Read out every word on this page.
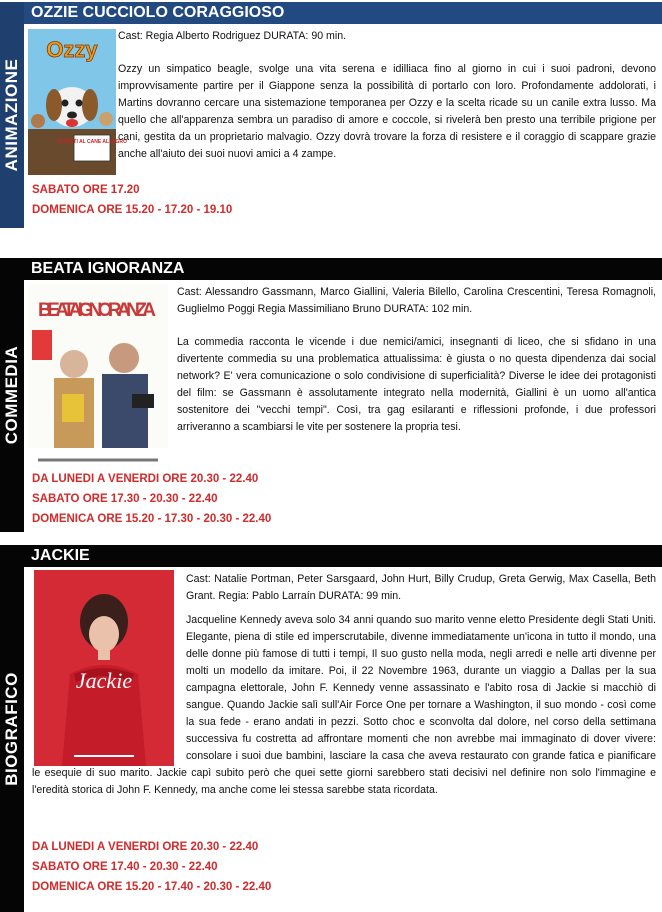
ANIMAZIONE
OZZIE CUCCIOLO CORAGGIOSO
Ozzy
ATTENTI AL CANE ALLEGRO

Cast: Regia Alberto Rodriguez DURATA: 90 min.

Ozzy un simpatico beagle, svolge una vita serena e idilliaca fino al giorno in cui i suoi padroni, devono improvvisamente partire per il Giappone senza la possibilità di portarlo con loro. Profondamente addolorati, i Martins dovranno cercare una sistemazione temporanea per Ozzy e la scelta ricade su un canile extra lusso. Ma quello che all'apparenza sembra un paradiso di amore e coccole, si rivelerà ben presto una terribile prigione per cani, gestita da un proprietario malvagio. Ozzy dovrà trovare la forza di resistere e il coraggio di scappare grazie anche all'aiuto dei suoi nuovi amici a 4 zampe.

SABATO ORE 17.20
DOMENICA ORE 15.20 - 17.20 - 19.10
COMMEDIA
BEATA IGNORANZA
BEATA IGNORANZA

Cast: Alessandro Gassmann, Marco Giallini, Valeria Bilello, Carolina Crescentini, Teresa Romagnoli, Guglielmo Poggi Regia Massimiliano Bruno DURATA: 102 min.

La commedia racconta le vicende i due nemici/amici, insegnanti di liceo, che si sfidano in una divertente commedia su una problematica attualissima: è giusta o no questa dipendenza dai social network? E' vera comunicazione o solo condivisione di superficialità? Diverse le idee dei protagonisti del film: se Gassmann è assolutamente integrato nella modernità, Giallini è un uomo all'antica sostenitore dei "vecchi tempi". Così, tra gag esilaranti e riflessioni profonde, i due professori arriveranno a scambiarsi le vite per sostenere la propria tesi.

DA LUNEDI A VENERDI ORE 20.30 - 22.40
SABATO ORE 17.30 - 20.30 - 22.40
DOMENICA ORE 15.20 - 17.30 - 20.30 - 22.40
BIOGRAFICO
JACKIE
Jackie

Cast: Natalie Portman, Peter Sarsgaard, John Hurt, Billy Crudup, Greta Gerwig, Max Casella, Beth Grant. Regia: Pablo Larraín DURATA: 99 min.

Jacqueline Kennedy aveva solo 34 anni quando suo marito venne eletto Presidente degli Stati Uniti. Elegante, piena di stile ed imperscrutabile, divenne immediatamente un'icona in tutto il mondo, una delle donne più famose di tutti i tempi, Il suo gusto nella moda, negli arredi e nelle arti divenne per molti un modello da imitare. Poi, il 22 Novembre 1963, durante un viaggio a Dallas per la sua campagna elettorale, John F. Kennedy venne assassinato e l'abito rosa di Jackie si macchiò di sangue. Quando Jackie salì sull'Air Force One per tornare a Washington, il suo mondo - così come la sua fede - erano andati in pezzi. Sotto choc e sconvolta dal dolore, nel corso della settimana successiva fu costretta ad affrontare momenti che non avrebbe mai immaginato di dover vivere: consolare i suoi due bambini, lasciare la casa che aveva restaurato con grande fatica e pianificare le esequie di suo marito. Jackie capì subito però che quei sette giorni sarebbero stati decisivi nel definire non solo l'immagine e l'eredità storica di John F. Kennedy, ma anche come lei stessa sarebbe stata ricordata.

DA LUNEDI A VENERDI ORE 20.30 - 22.40
SABATO ORE 17.40 - 20.30 - 22.40
DOMENICA ORE 15.20 - 17.40 - 20.30 - 22.40
